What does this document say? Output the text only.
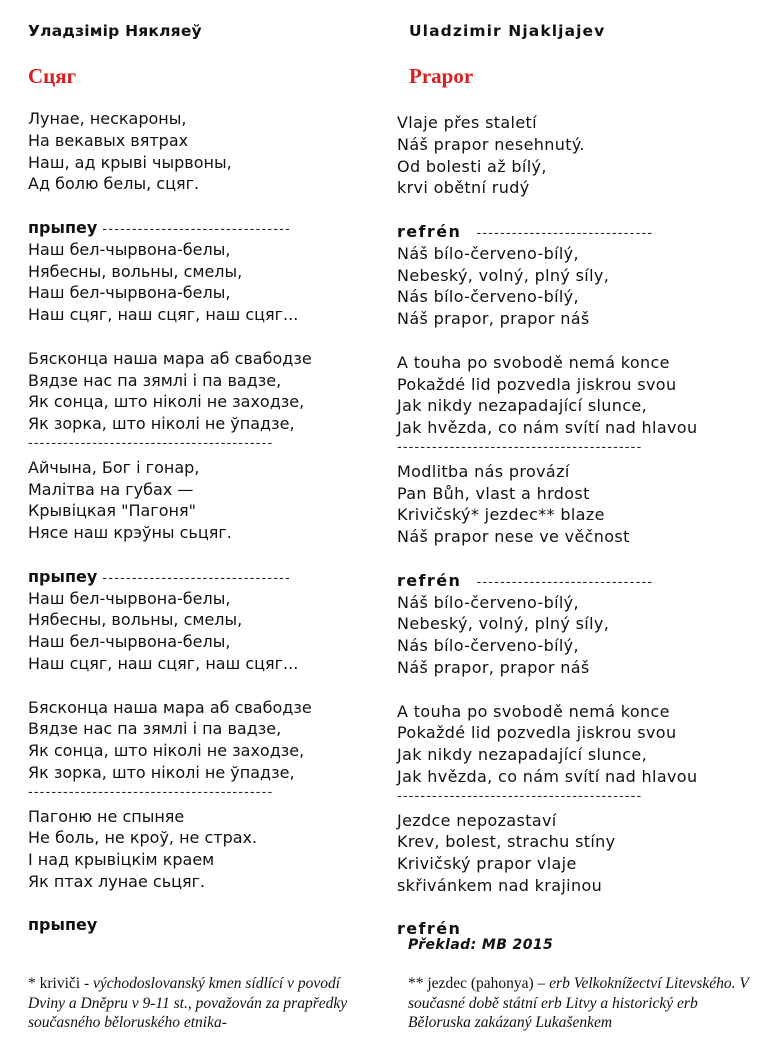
Уладзімір Някляеў
Сцяг
Лунае, нескароны,
На векавых вятрах
Наш, ад крыві чырвоны,
Ад болю белы, сцяг.
прыпеу --------------------------------
Наш бел-чырвона-белы,
Нябесны, вольны, смелы,
Наш бел-чырвона-белы,
Наш сцяг, наш сцяг, наш сцяг...
Бясконца наша мара аб свабодзе
Вядзе нас па зямлі і па вадзе,
Як сонца, што ніколі не заходзе,
Як зорка, што ніколі не ўпадзе,
------------------------------------------
Айчына, Бог і гонар,
Малітва на губах —
Крывіцкая "Пагоня"
Нясе наш крэўны сьцяг.
прыпеу --------------------------------
Наш бел-чырвона-белы,
Нябесны, вольны, смелы,
Наш бел-чырвона-белы,
Наш сцяг, наш сцяг, наш сцяг...
Бясконца наша мара аб свабодзе
Вядзе нас па зямлі і па вадзе,
Як сонца, што ніколі не заходзе,
Як зорка, што ніколі не ўпадзе,
------------------------------------------
Пагоню не спыняе
Не боль, не кроў, не страх.
І над крывіцкім краем
Як птах лунае сьцяг.
прыпеу
Uladzimir Njakljajev
Prapor
Vlaje přes staletí
Náš prapor nesehnutý.
Od bolesti až bílý,
krvi obětní rudý
refrén ------------------------------
Náš bílo-červeno-bílý,
Nebeský, volný, plný síly,
Nás bílo-červeno-bílý,
Náš prapor, prapor náš
A touha po svobodě nemá konce
Pokaždé lid pozvedla jiskrou svou
Jak nikdy nezapadající slunce,
Jak hvězda, co nám svítí nad hlavou
------------------------------------------
Modlitba nás provází
Pan Bůh, vlast a hrdost
Krivičský* jezdec** blaze
Náš prapor nese ve věčnost
refrén ------------------------------
Náš bílo-červeno-bílý,
Nebeský, volný, plný síly,
Nás bílo-červeno-bílý,
Náš prapor, prapor náš
A touha po svobodě nemá konce
Pokaždé lid pozvedla jiskrou svou
Jak nikdy nezapadající slunce,
Jak hvězda, co nám svítí nad hlavou
------------------------------------------
Jezdce nepozastaví
Krev, bolest, strachu stíny
Krivičský prapor vlaje
skřivánkem nad krajinou
refrén
Překlad: MB 2015
* kriviči - východoslovanský kmen sídlící v povodí Dviny a Dněpru v 9-11 st., považován za prapředky současného běloruského etnika-
** jezdec (pahonya) – erb Velkoknížectví Litevského. V současné době státní erb Litvy a historický erb Běloruska zakázaný Lukašenkem
